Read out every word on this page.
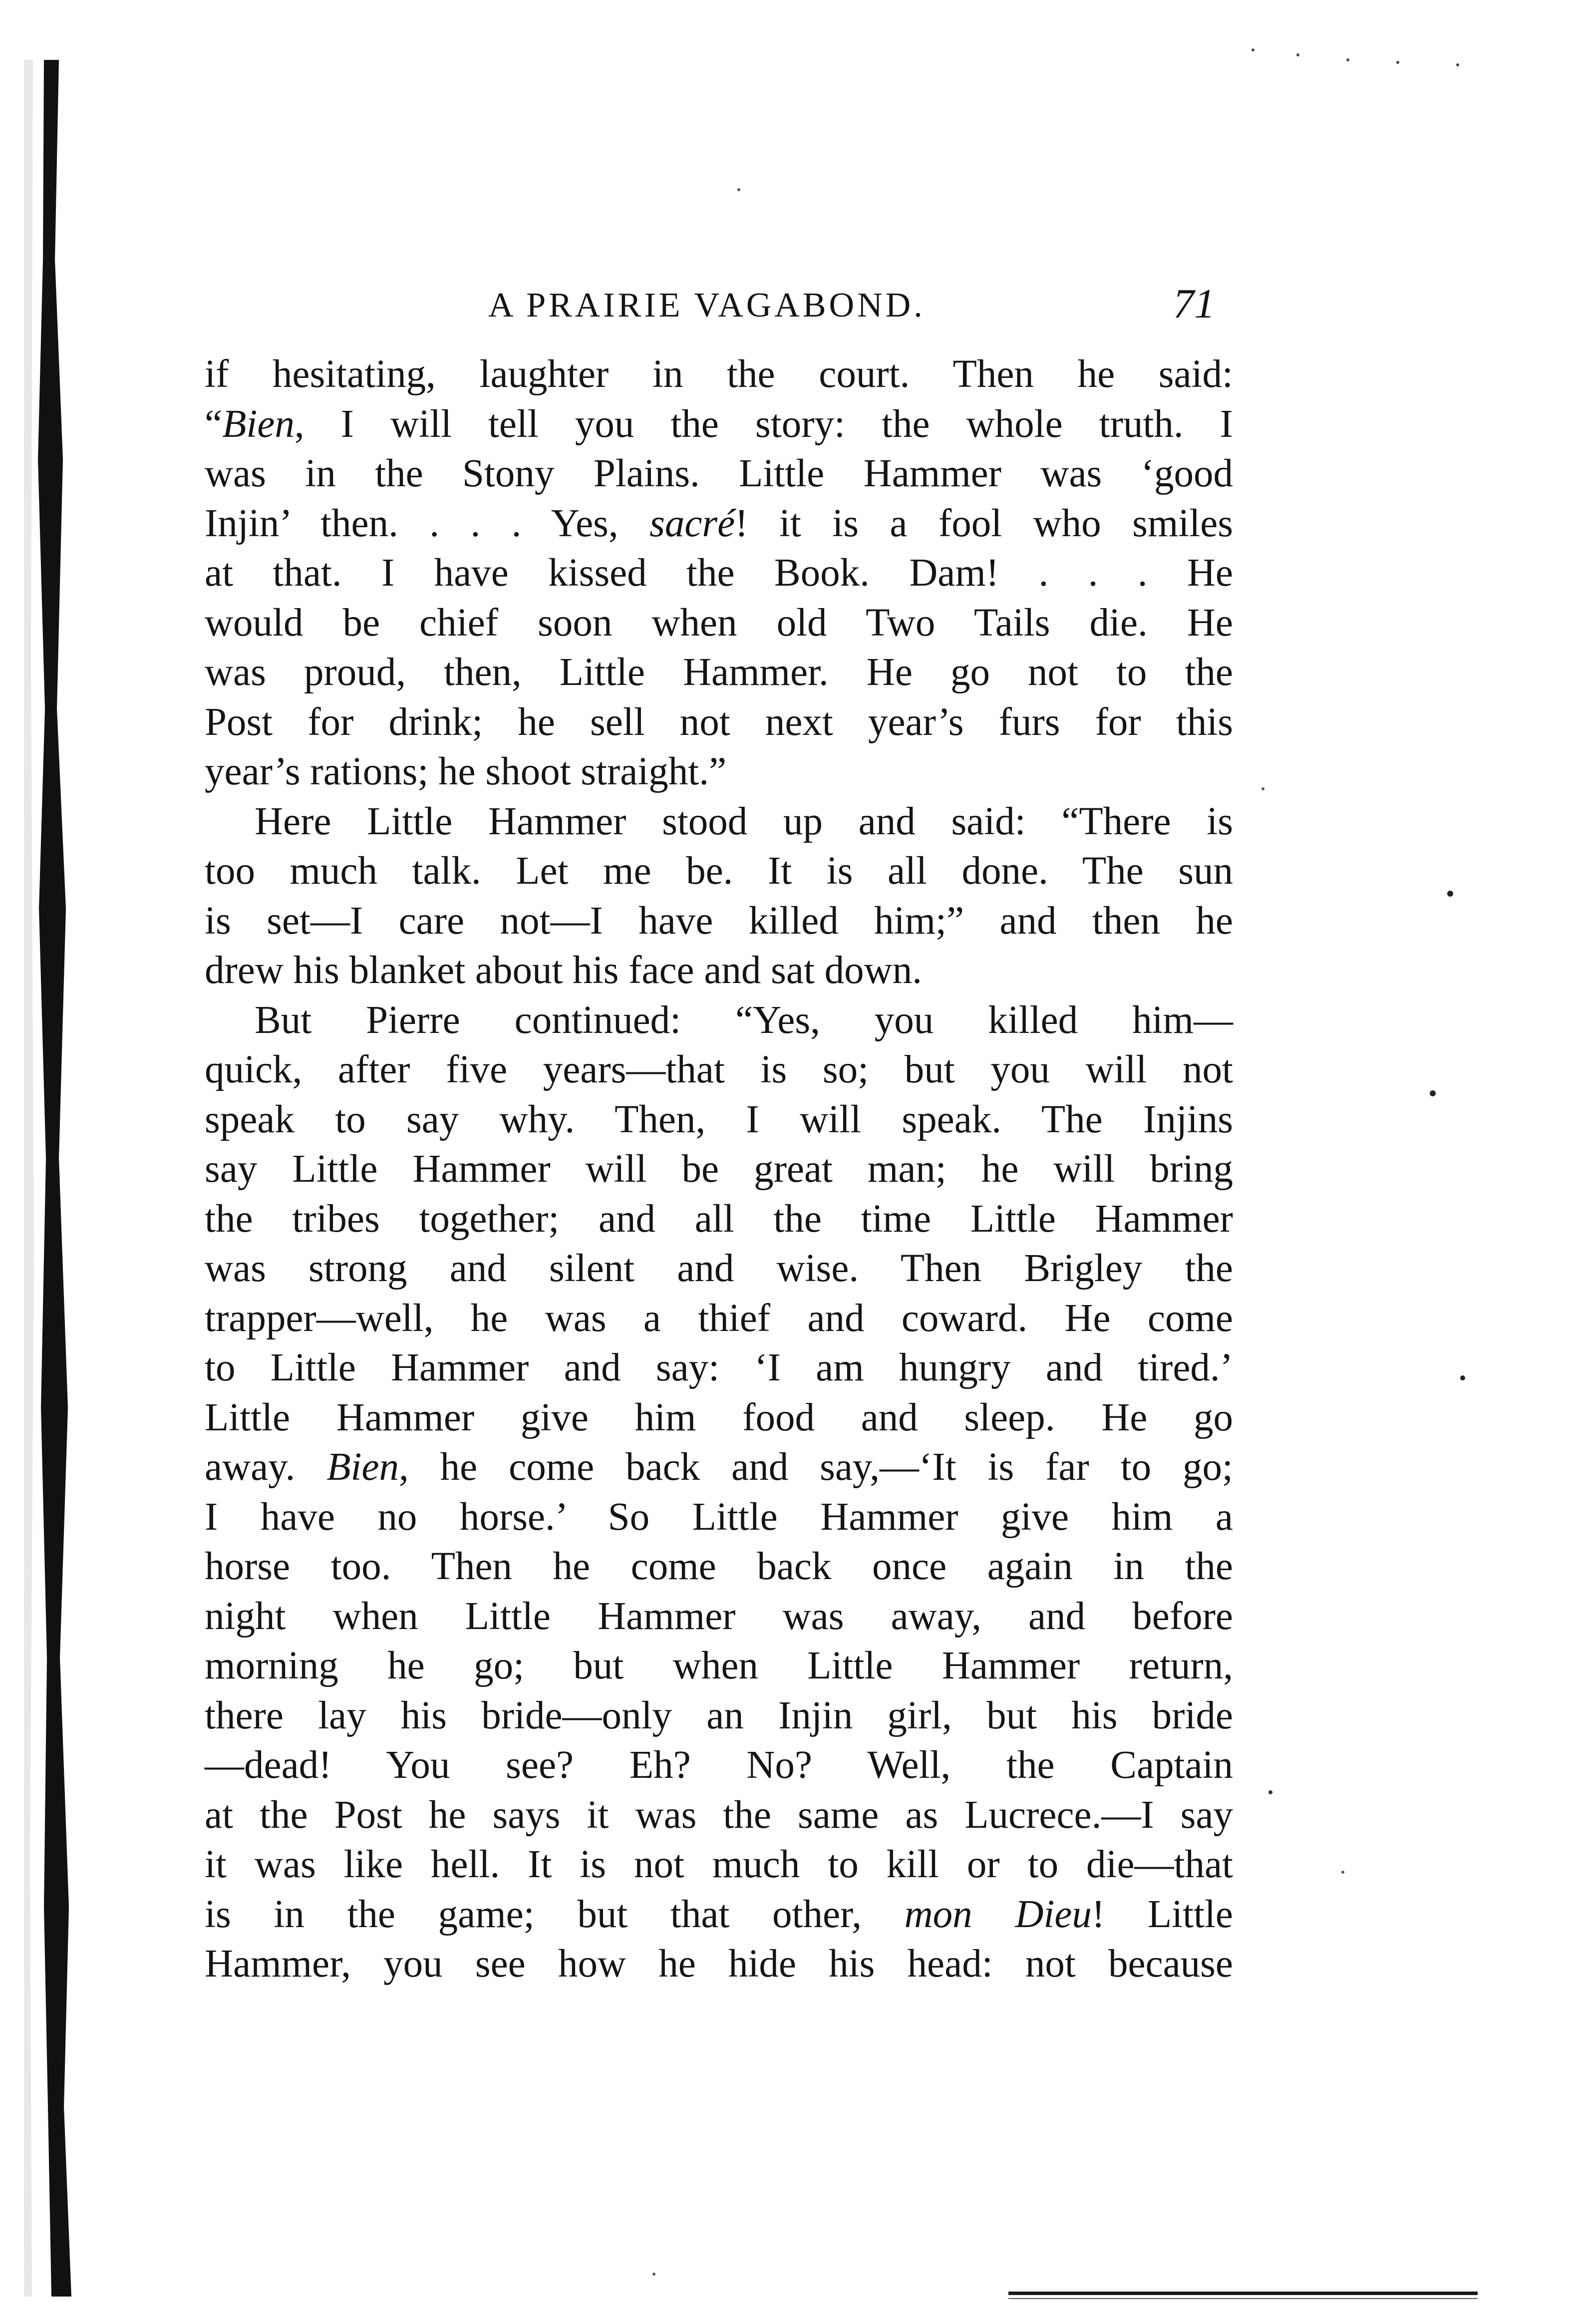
A PRAIRIE VAGABOND.	71
if hesitating, laughter in the court. Then he said:
“Bien, I will tell you the story: the whole truth. I
was in the Stony Plains. Little Hammer was ‘good
Injin’ then. . . . Yes, sacré! it is a fool who smiles
at that. I have kissed the Book. Dam! . . . He
would be chief soon when old Two Tails die. He
was proud, then, Little Hammer. He go not to the
Post for drink; he sell not next year’s furs for this
year’s rations; he shoot straight.”
Here Little Hammer stood up and said: “There is
too much talk. Let me be. It is all done. The sun
is set—I care not—I have killed him;” and then he
drew his blanket about his face and sat down.
But Pierre continued: “Yes, you killed him—
quick, after five years—that is so; but you will not
speak to say why. Then, I will speak. The Injins
say Little Hammer will be great man; he will bring
the tribes together; and all the time Little Hammer
was strong and silent and wise. Then Brigley the
trapper—well, he was a thief and coward. He come
to Little Hammer and say: ‘I am hungry and tired.’
Little Hammer give him food and sleep. He go
away. Bien, he come back and say,—‘It is far to go;
I have no horse.’ So Little Hammer give him a
horse too. Then he come back once again in the
night when Little Hammer was away, and before
morning he go; but when Little Hammer return,
there lay his bride—only an Injin girl, but his bride
—dead! You see? Eh? No? Well, the Captain
at the Post he says it was the same as Lucrece.—I say
it was like hell. It is not much to kill or to die—that
is in the game; but that other, mon Dieu! Little
Hammer, you see how he hide his head: not because
